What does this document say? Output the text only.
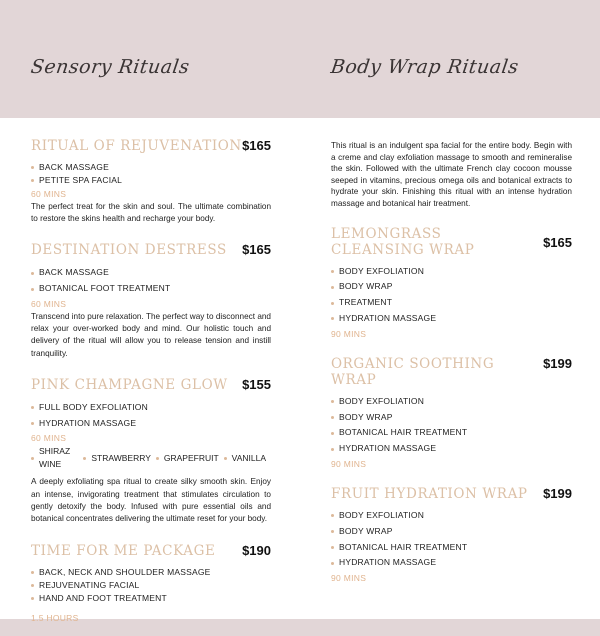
Sensory Rituals	Body Wrap Rituals
RITUAL OF REJUVENATION $165
BACK MASSAGE
PETITE SPA FACIAL
60 MINS
The perfect treat for the skin and soul. The ultimate combination to restore the skins health and recharge your body.
DESTINATION DESTRESS $165
BACK MASSAGE
BOTANICAL FOOT TREATMENT
60 MINS
Transcend into pure relaxation. The perfect way to disconnect and relax your over-worked body and mind. Our holistic touch and delivery of the ritual will allow you to release tension and instill tranquility.
PINK CHAMPAGNE GLOW $155
FULL BODY EXFOLIATION
HYDRATION MASSAGE
60 MINS
SHIRAZ WINE
STRAWBERRY GRAPEFRUIT VANILLA
A deeply exfoliating spa ritual to create silky smooth skin. Enjoy an intense, invigorating treatment that stimulates circulation to gently detoxify the body. Infused with pure essential oils and botanical concentrates delivering the ultimate reset for your body.
TIME FOR ME PACKAGE $190
BACK, NECK AND SHOULDER MASSAGE
REJUVENATING FACIAL
HAND AND FOOT TREATMENT
1.5 HOURS
This ritual is an indulgent spa facial for the entire body. Begin with a creme and clay exfoliation massage to smooth and remineralise the skin. Followed with the ultimate French clay cocoon mousse seeped in vitamins, precious omega oils and botanical extracts to hydrate your skin. Finishing this ritual with an intense hydration massage and botanical hair treatment.
LEMONGRASS
CLEANSING WRAP	$165
BODY EXFOLIATION
BODY WRAP
TREATMENT
HYDRATION MASSAGE
90 MINS
ORGANIC SOOTHING WRAP
$199
BODY EXFOLIATION
BODY WRAP
BOTANICAL HAIR TREATMENT
HYDRATION MASSAGE
90 MINS
FRUIT HYDRATION WRAP $199
BODY EXFOLIATION
BODY WRAP
BOTANICAL HAIR TREATMENT
HYDRATION MASSAGE
90 MINS
